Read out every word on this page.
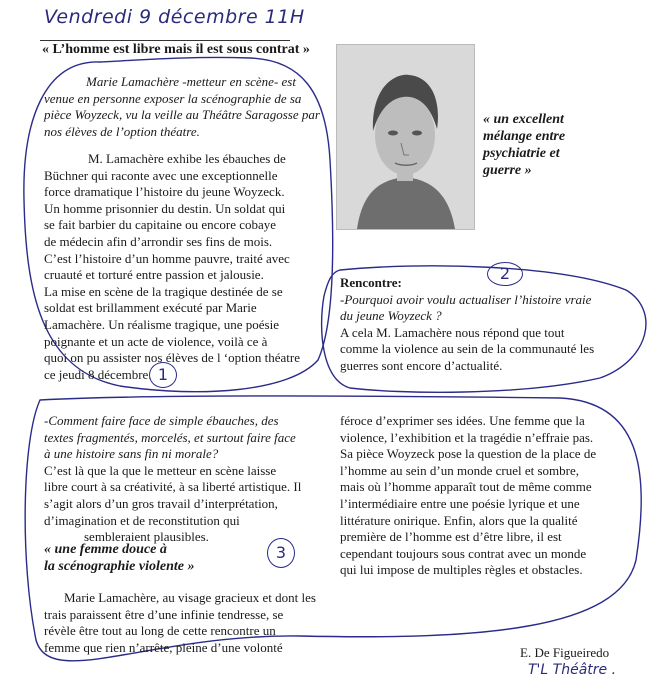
Vendredi 9 décembre 11H
« L’homme est libre mais il est sous contrat »

Marie Lamachère -metteur en scène- est

venue en personne exposer la scénographie de sa

pièce Woyzeck, vu la veille au Théâtre Saragosse par

nos élèves de l’option théatre.

M. Lamachère exhibe les ébauches de

Büchner qui raconte avec une exceptionnelle

force dramatique l’histoire du jeune Woyzeck.

Un homme prisonnier du destin. Un soldat qui

se fait barbier du capitaine ou encore cobaye

de médecin afin d’arrondir ses fins de mois.

C’est l’histoire d’un homme pauvre, traité avec

cruauté et torturé entre passion et jalousie.

La mise en scène de la tragique destinée de se

soldat est brillamment exécuté par Marie

Lamachère. Un réalisme tragique, une poésie

poignante et un acte de violence, voilà ce à

quoi on pu assister nos élèves de l ‘option théatre

ce jeudi 8 décembre.

« un excellent

mélange entre

psychiatrie et

guerre »

Rencontre:

-Pourquoi avoir voulu actualiser l’histoire vraie

du jeune Woyzeck ?

A cela M. Lamachère nous répond que tout

comme la violence au sein de la communauté les

guerres sont encore d’actualité.

-Comment faire face de simple ébauches, des

textes fragmentés, morcelés, et surtout faire face

à une histoire sans fin ni morale?

C’est là que la que le metteur en scène laisse

libre court à sa créativité, à sa liberté artistique. Il

s’agit alors d’un gros travail d’interprétation,

d’imagination et de reconstitution qui

sembleraient plausibles.

« une femme douce à

la scénographie violente »

Marie Lamachère, au visage gracieux et dont les

trais paraissent être d’une infinie tendresse, se

révèle être tout au long de cette rencontre un

femme que rien n’arrête, pleine d’une volonté

féroce d’exprimer ses idées. Une femme que la

violence, l’exhibition et la tragédie n’effraie pas.

Sa pièce Woyzeck pose la question de la place de

l’homme au sein d’un monde cruel et sombre,

mais où l’homme apparaît tout de même comme

l’intermédiaire entre une poésie lyrique et une

littérature onirique. Enfin, alors que la qualité

première de l’homme est d’être libre, il est

cependant toujours sous contrat avec un monde

qui lui impose de multiples règles et obstacles.

1
2
3
E. De Figueiredo
T'L Théâtre .
